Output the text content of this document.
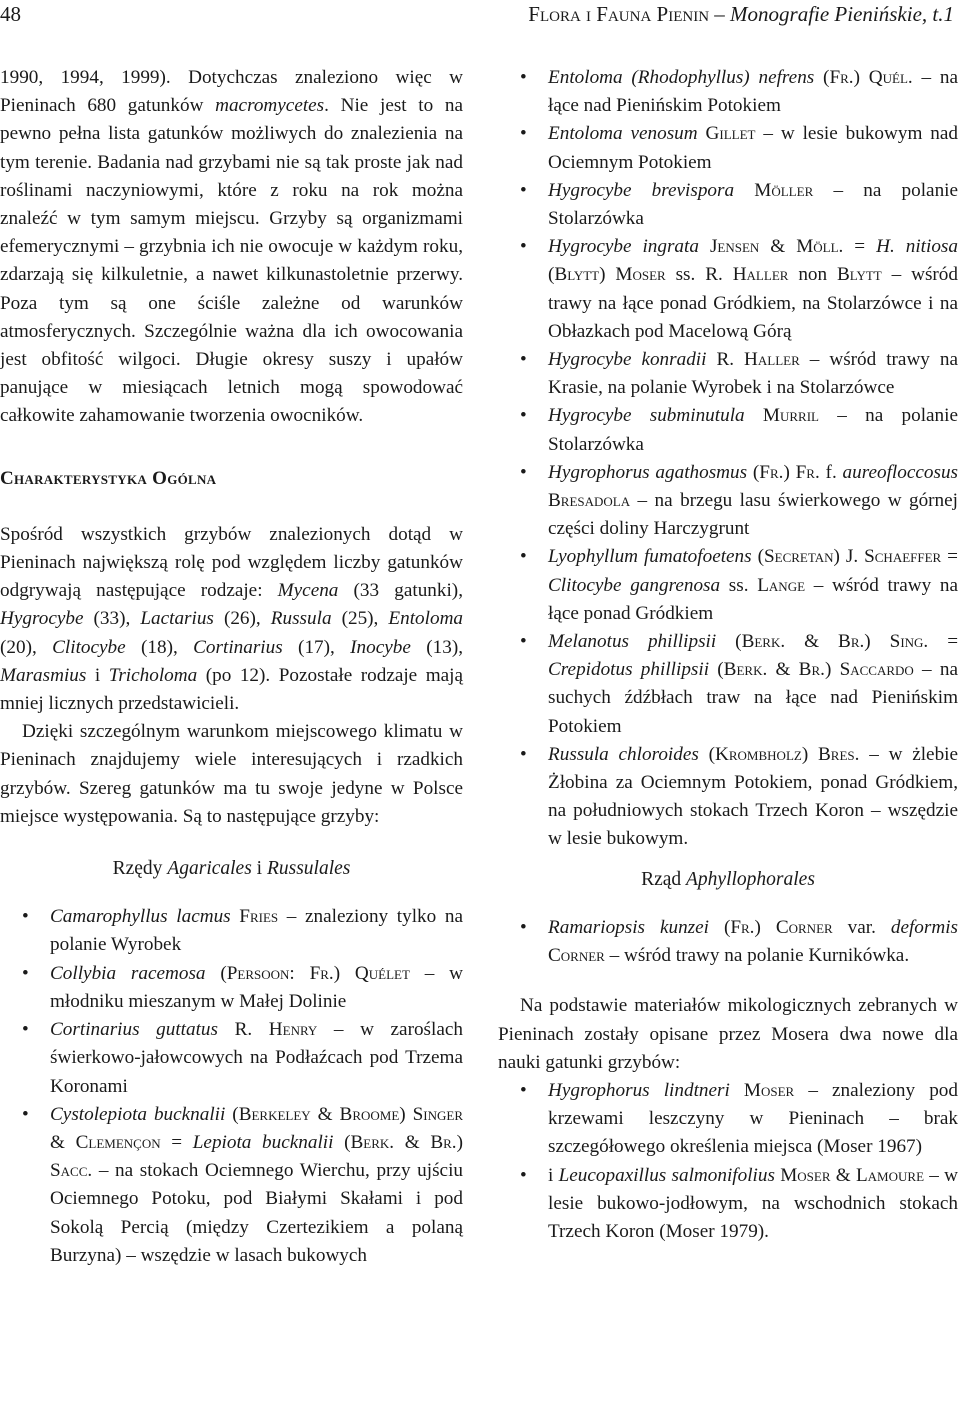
48	Flora i Fauna Pienin – Monografie Pienińskie, t.1

1990, 1994, 1999). Dotychczas znaleziono więc w Pieninach 680 gatunków macromycetes. Nie jest to na pewno pełna lista gatunków możliwych do znalezienia na tym terenie. Badania nad grzybami nie są tak proste jak nad roślinami naczyniowymi, które z roku na rok można znaleźć w tym samym miejscu. Grzyby są organizmami efemerycznymi – grzybnia ich nie owocuje w każdym roku, zdarzają się kilkuletnie, a nawet kilkunastoletnie przerwy. Poza tym są one ściśle zależne od warunków atmosferycznych. Szczególnie ważna dla ich owocowania jest obfitość wilgoci. Długie okresy suszy i upałów panujące w miesiącach letnich mogą spowodować całkowite zahamowanie tworzenia owocników.

Charakterystyka Ogólna

Spośród wszystkich grzybów znalezionych dotąd w Pieninach największą rolę pod względem liczby gatunków odgrywają następujące rodzaje: Mycena (33 gatunki), Hygrocybe (33), Lactarius (26), Russula (25), Entoloma (20), Clitocybe (18), Cortinarius (17), Inocybe (13), Marasmius i Tricholoma (po 12). Pozostałe rodzaje mają mniej licznych przedstawicieli.

Dzięki szczególnym warunkom miejscowego klimatu w Pieninach znajdujemy wiele interesujących i rzadkich grzybów. Szereg gatunków ma tu swoje jedyne w Polsce miejsce występowania. Są to następujące grzyby:

Rzędy Agaricales i Russulales
• Camarophyllus lacmus Fries – znaleziony tylko na polanie Wyrobek
• Collybia racemosa (Persoon: Fr.) Quélet – w młodniku mieszanym w Małej Dolinie
• Cortinarius guttatus R. Henry – w zaroślach świerkowo-jałowcowych na Podłaźcach pod Trzema Koronami
• Cystolepiota bucknalii (Berkeley & Broome) Singer & Clemençon = Lepiota bucknalii (Berk. & Br.) Sacc. – na stokach Ociemnego Wierchu, przy ujściu Ociemnego Potoku, pod Białymi Skałami i pod Sokolą Percią (między Czertezikiem a polaną Burzyna) – wszędzie w lasach bukowych
• Entoloma (Rhodophyllus) nefrens (Fr.) Quél. – na łące nad Pienińskim Potokiem
• Entoloma venosum Gillet – w lesie bukowym nad Ociemnym Potokiem
• Hygrocybe brevispora Möller – na polanie Stolarzówka
• Hygrocybe ingrata Jensen & Möll. = H. nitiosa (Blytt) Moser ss. R. Haller non Blytt – wśród trawy na łące ponad Gródkiem, na Stolarzówce i na Obłazkach pod Macelową Górą
• Hygrocybe konradii R. Haller – wśród trawy na Krasie, na polanie Wyrobek i na Stolarzówce
• Hygrocybe subminutula Murril – na polanie Stolarzówka
• Hygrophorus agathosmus (Fr.) Fr. f. aureofloccosus Bresadola – na brzegu lasu świerkowego w górnej części doliny Harczygrunt
• Lyophyllum fumatofoetens (Secretan) J. Schaeffer = Clitocybe gangrenosa ss. Lange – wśród trawy na łące ponad Gródkiem
• Melanotus phillipsii (Berk. & Br.) Sing. = Crepidotus phillipsii (Berk. & Br.) Saccardo – na suchych źdźbłach traw na łące nad Pienińskim Potokiem
• Russula chloroides (Krombholz) Bres. – w żlebie Żłobina za Ociemnym Potokiem, ponad Gródkiem, na południowych stokach Trzech Koron – wszędzie w lesie bukowym.
Rząd Aphyllophorales
• Ramariopsis kunzei (Fr.) Corner var. deformis Corner – wśród trawy na polanie Kurnikówka.

Na podstawie materiałów mikologicznych zebranych w Pieninach zostały opisane przez Mosera dwa nowe dla nauki gatunki grzybów:

• Hygrophorus lindtneri Moser – znaleziony pod krzewami leszczyny w Pieninach – brak szczegółowego określenia miejsca (Moser 1967)
• i Leucopaxillus salmonifolius Moser & Lamoure – w lesie bukowo-jodłowym, na wschodnich stokach Trzech Koron (Moser 1979).
